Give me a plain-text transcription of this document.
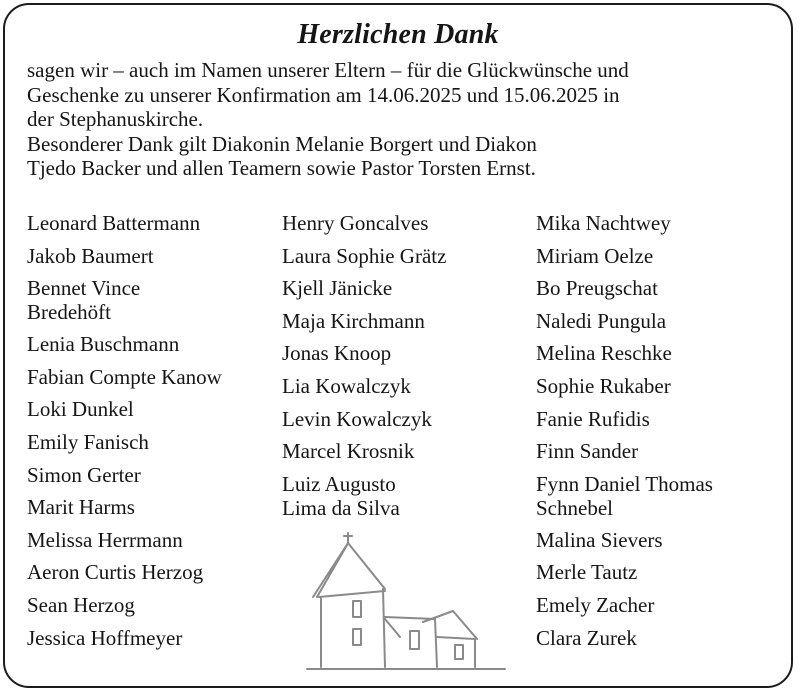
Herzlichen Dank
sagen wir – auch im Namen unserer Eltern – für die Glückwünsche und
Geschenke zu unserer Konfirmation am 14.06.2025 und 15.06.2025 in
der Stephanuskirche.
Besonderer Dank gilt Diakonin Melanie Borgert und Diakon
Tjedo Backer und allen Teamern sowie Pastor Torsten Ernst.
Leonard Battermann
Jakob Baumert
Bennet Vince
Bredehöft
Lenia Buschmann
Fabian Compte Kanow
Loki Dunkel
Emily Fanisch
Simon Gerter
Marit Harms
Melissa Herrmann
Aeron Curtis Herzog
Sean Herzog
Jessica Hoffmeyer
Henry Goncalves
Laura Sophie Grätz
Kjell Jänicke
Maja Kirchmann
Jonas Knoop
Lia Kowalczyk
Levin Kowalczyk
Marcel Krosnik
Luiz Augusto
Lima da Silva
Mika Nachtwey
Miriam Oelze
Bo Preugschat
Naledi Pungula
Melina Reschke
Sophie Rukaber
Fanie Rufidis
Finn Sander
Fynn Daniel Thomas
Schnebel
Malina Sievers
Merle Tautz
Emely Zacher
Clara Zurek
